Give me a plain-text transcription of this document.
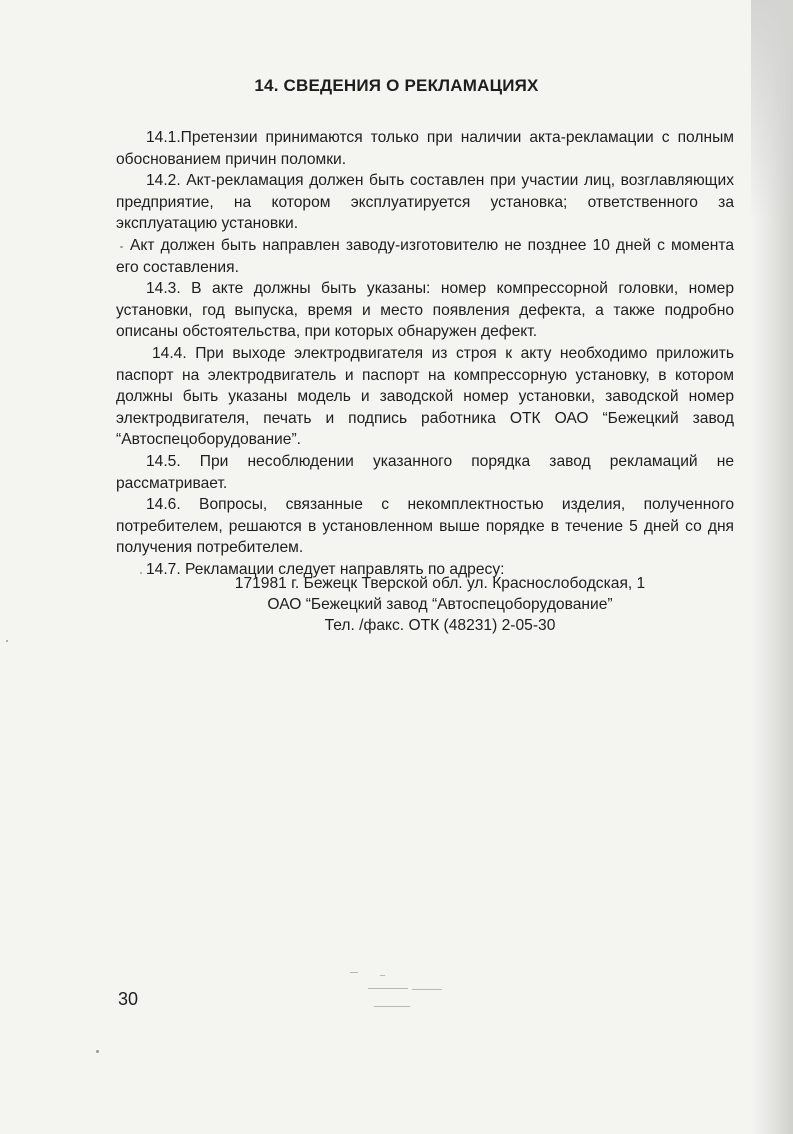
14. СВЕДЕНИЯ О РЕКЛАМАЦИЯХ

14.1.Претензии принимаются только при наличии акта-рекламации с полным обоснованием причин поломки.

14.2. Акт-рекламация должен быть составлен при участии лиц, возглавляющих предприятие, на котором эксплуатируется установка; ответственного за эксплуатацию установки.

Акт должен быть направлен заводу-изготовителю не позднее 10 дней с момента его составления.

14.3. В акте должны быть указаны: номер компрессорной головки, номер установки, год выпуска, время и место появления дефекта, а также подробно описаны обстоятельства, при которых обнаружен дефект.

14.4. При выходе электродвигателя из строя к акту необходимо приложить паспорт на электродвигатель и паспорт на компрессорную установку, в котором должны быть указаны модель и заводской номер установки, заводской номер электродвигателя, печать и подпись работника ОТК ОАО “Бежецкий завод “Автоспецоборудование”.

14.5. При несоблюдении указанного порядка завод рекламаций не рассматривает.

14.6. Вопросы, связанные с некомплектностью изделия, полученного потребителем, решаются в установленном выше порядке в течение 5 дней со дня получения потребителем.

14.7. Рекламации следует направлять по адресу:

171981 г. Бежецк Тверской обл. ул. Краснослободская, 1
ОАО “Бежецкий завод “Автоспецоборудование”
Тел. /факс. ОТК (48231) 2-05-30
30
